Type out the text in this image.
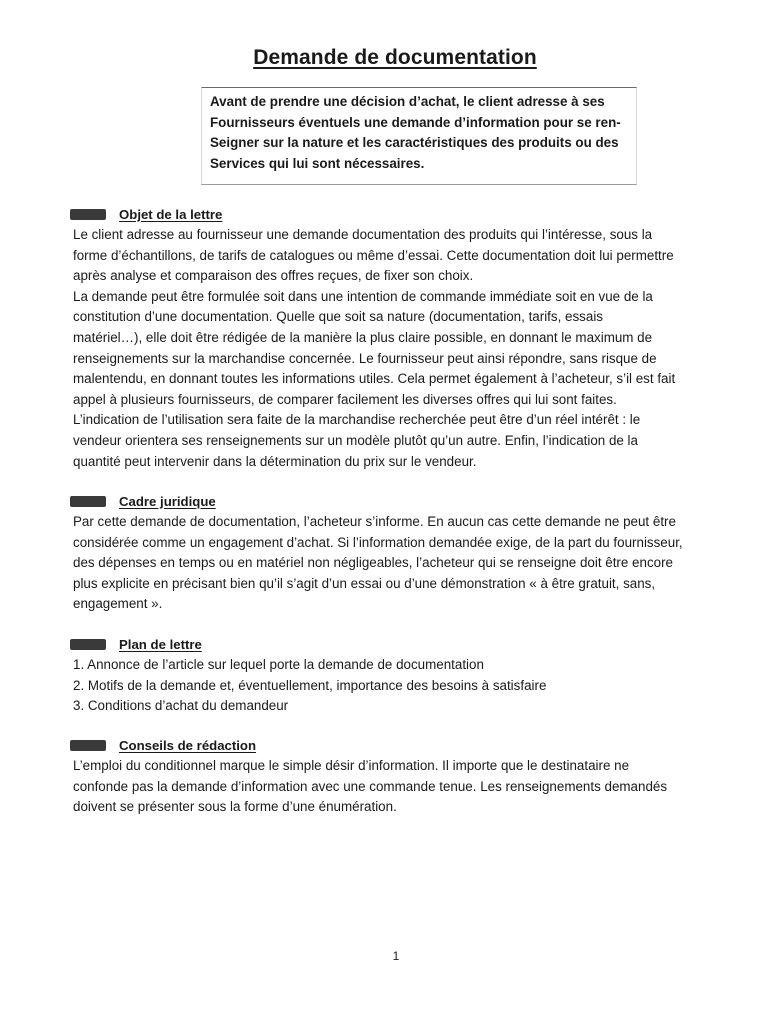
Demande de documentation
Avant de prendre une décision d’achat, le client adresse à ses
Fournisseurs éventuels une demande d’information pour se ren-
Seigner sur la nature et les caractéristiques des produits ou des
Services qui lui sont nécessaires.
Objet de la lettre
Le client adresse au fournisseur une demande documentation des produits qui l’intéresse, sous la
forme d’échantillons, de tarifs de catalogues ou même d’essai. Cette documentation doit lui permettre
après analyse et comparaison des offres reçues, de fixer son choix.
La demande peut être formulée soit dans une intention de commande immédiate soit en vue de la
constitution d’une documentation. Quelle que soit sa nature (documentation, tarifs, essais
matériel…), elle doit être rédigée de la manière la plus claire possible, en donnant le maximum de
renseignements sur la marchandise concernée. Le fournisseur peut ainsi répondre, sans risque de
malentendu, en donnant toutes les informations utiles. Cela permet également à l’acheteur, s’il est fait
appel à plusieurs fournisseurs, de comparer facilement les diverses offres qui lui sont faites.
L’indication de l’utilisation sera faite de la marchandise recherchée peut être d’un réel intérêt : le
vendeur orientera ses renseignements sur un modèle plutôt qu’un autre. Enfin, l’indication de la
quantité peut intervenir dans la détermination du prix sur le vendeur.
Cadre juridique
Par cette demande de documentation, l’acheteur s’informe. En aucun cas cette demande ne peut être
considérée comme un engagement d’achat. Si l’information demandée exige, de la part du fournisseur,
des dépenses en temps ou en matériel non négligeables, l’acheteur qui se renseigne doit être encore
plus explicite en précisant bien qu’il s’agit d’un essai ou d’une démonstration « à être gratuit, sans,
engagement ».
Plan de lettre
1. Annonce de l’article sur lequel porte la demande de documentation
2. Motifs de la demande et, éventuellement, importance des besoins à satisfaire
3. Conditions d’achat du demandeur
Conseils de rédaction
L’emploi du conditionnel marque le simple désir d’information. Il importe que le destinataire ne
confonde pas la demande d’information avec une commande tenue. Les renseignements demandés
doivent se présenter sous la forme d’une énumération.
1
